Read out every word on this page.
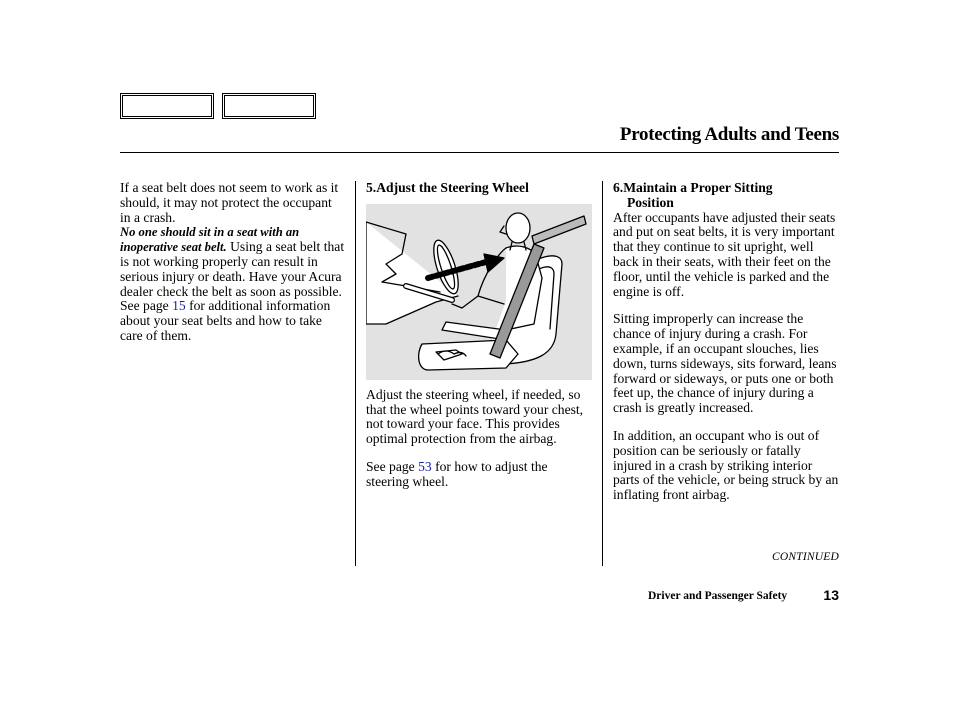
Protecting Adults and Teens

If a seat belt does not seem to work as it should, it may not protect the occupant in a crash.

No one should sit in a seat with an inoperative seat belt. Using a seat belt that is not working properly can result in serious injury or death. Have your Acura dealer check the belt as soon as possible.

See page 15 for additional information about your seat belts and how to take care of them.

5.Adjust the Steering Wheel

Adjust the steering wheel, if needed, so that the wheel points toward your chest, not toward your face. This provides optimal protection from the airbag.

See page 53 for how to adjust the steering wheel.

6.Maintain a Proper Sitting
Position

After occupants have adjusted their seats and put on seat belts, it is very important that they continue to sit upright, well back in their seats, with their feet on the floor, until the vehicle is parked and the engine is off.

Sitting improperly can increase the chance of injury during a crash. For example, if an occupant slouches, lies down, turns sideways, sits forward, leans forward or sideways, or puts one or both feet up, the chance of injury during a crash is greatly increased.

In addition, an occupant who is out of position can be seriously or fatally injured in a crash by striking interior parts of the vehicle, or being struck by an inflating front airbag.

CONTINUED
Driver and Passenger Safety	13
